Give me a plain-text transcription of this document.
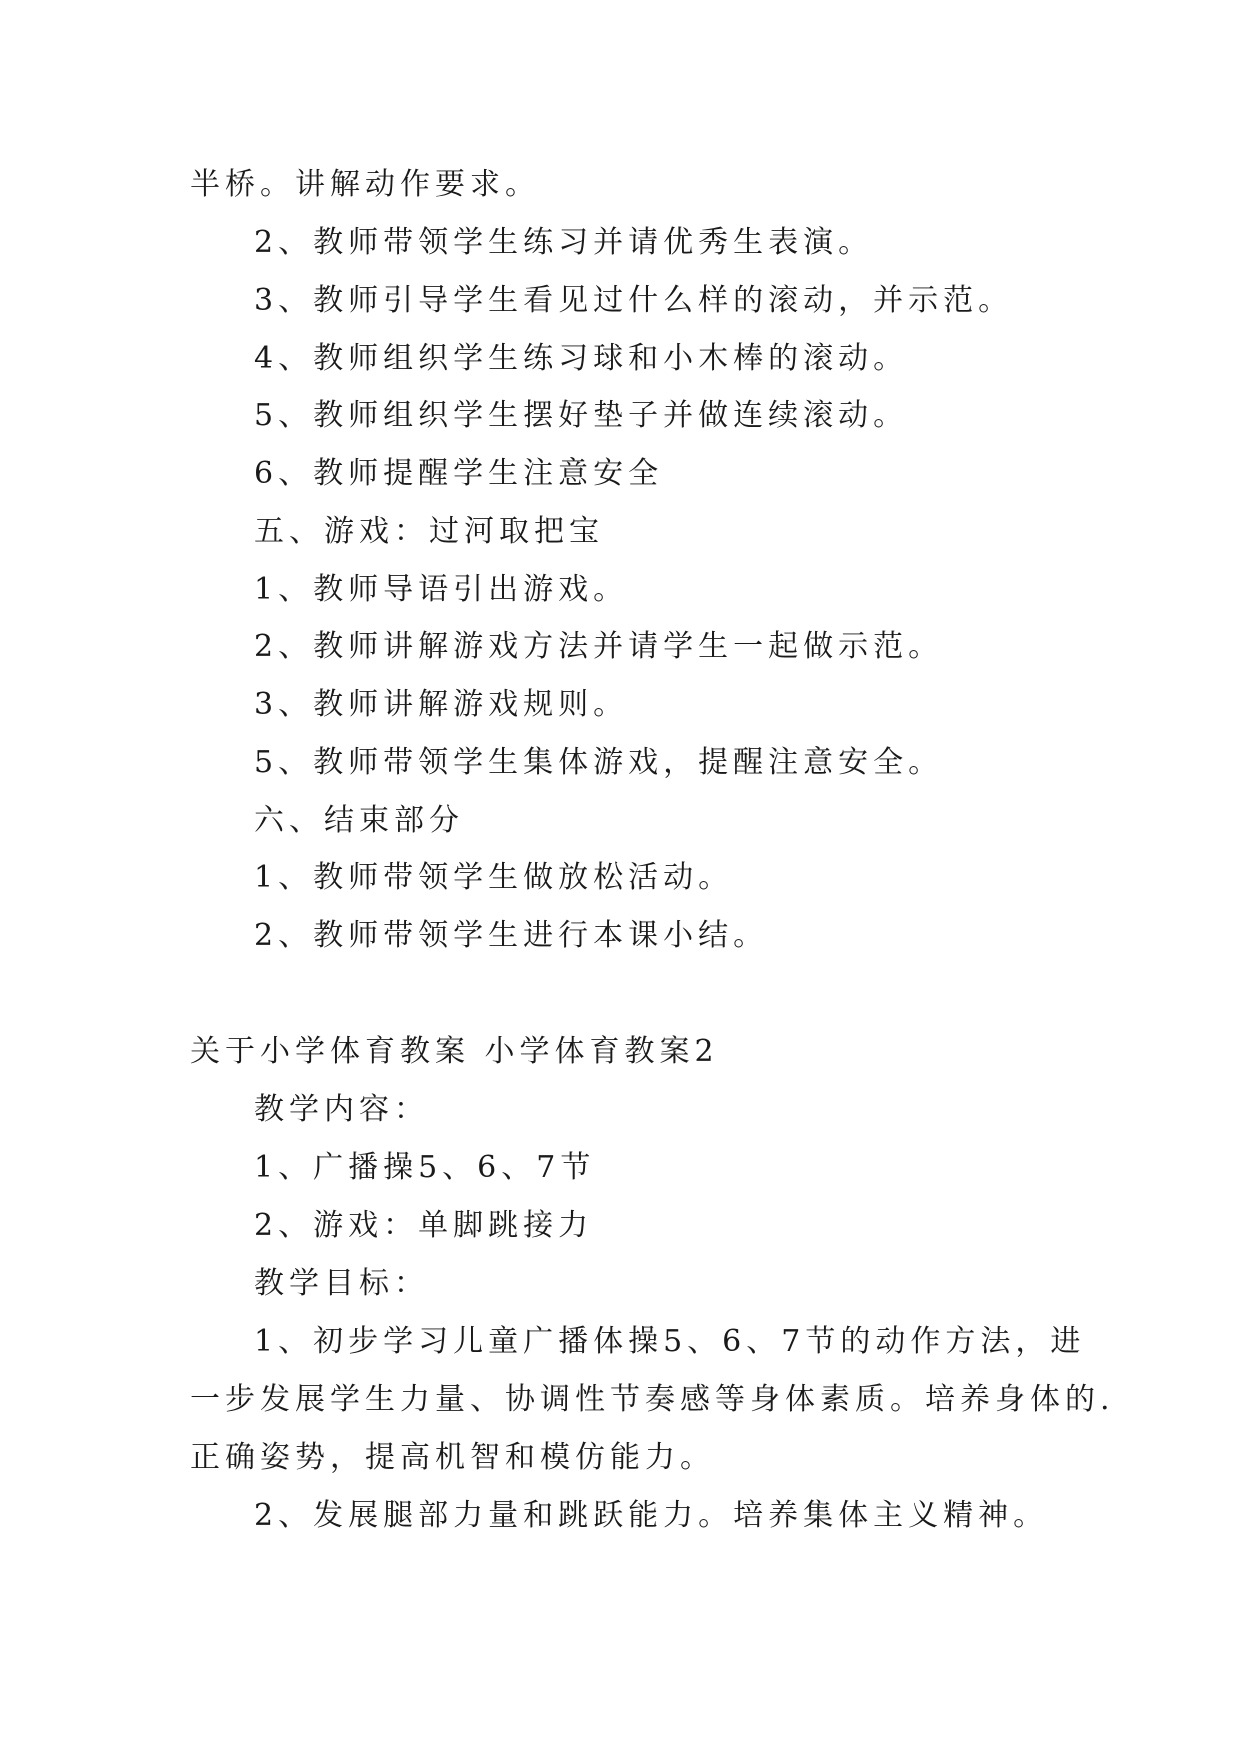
半桥。讲解动作要求。
2、教师带领学生练习并请优秀生表演。
3、教师引导学生看见过什么样的滚动，并示范。
4、教师组织学生练习球和小木棒的滚动。
5、教师组织学生摆好垫子并做连续滚动。
6、教师提醒学生注意安全
五、游戏：过河取把宝
1、教师导语引出游戏。
2、教师讲解游戏方法并请学生一起做示范。
3、教师讲解游戏规则。
5、教师带领学生集体游戏，提醒注意安全。
六、结束部分
1、教师带领学生做放松活动。
2、教师带领学生进行本课小结。
关于小学体育教案 小学体育教案2
教学内容：
1、广播操5、6、7节
2、游戏：单脚跳接力
教学目标：
1、初步学习儿童广播体操5、6、7节的动作方法，进
一步发展学生力量、协调性节奏感等身体素质。培养身体的.
正确姿势，提高机智和模仿能力。
2、发展腿部力量和跳跃能力。培养集体主义精神。
